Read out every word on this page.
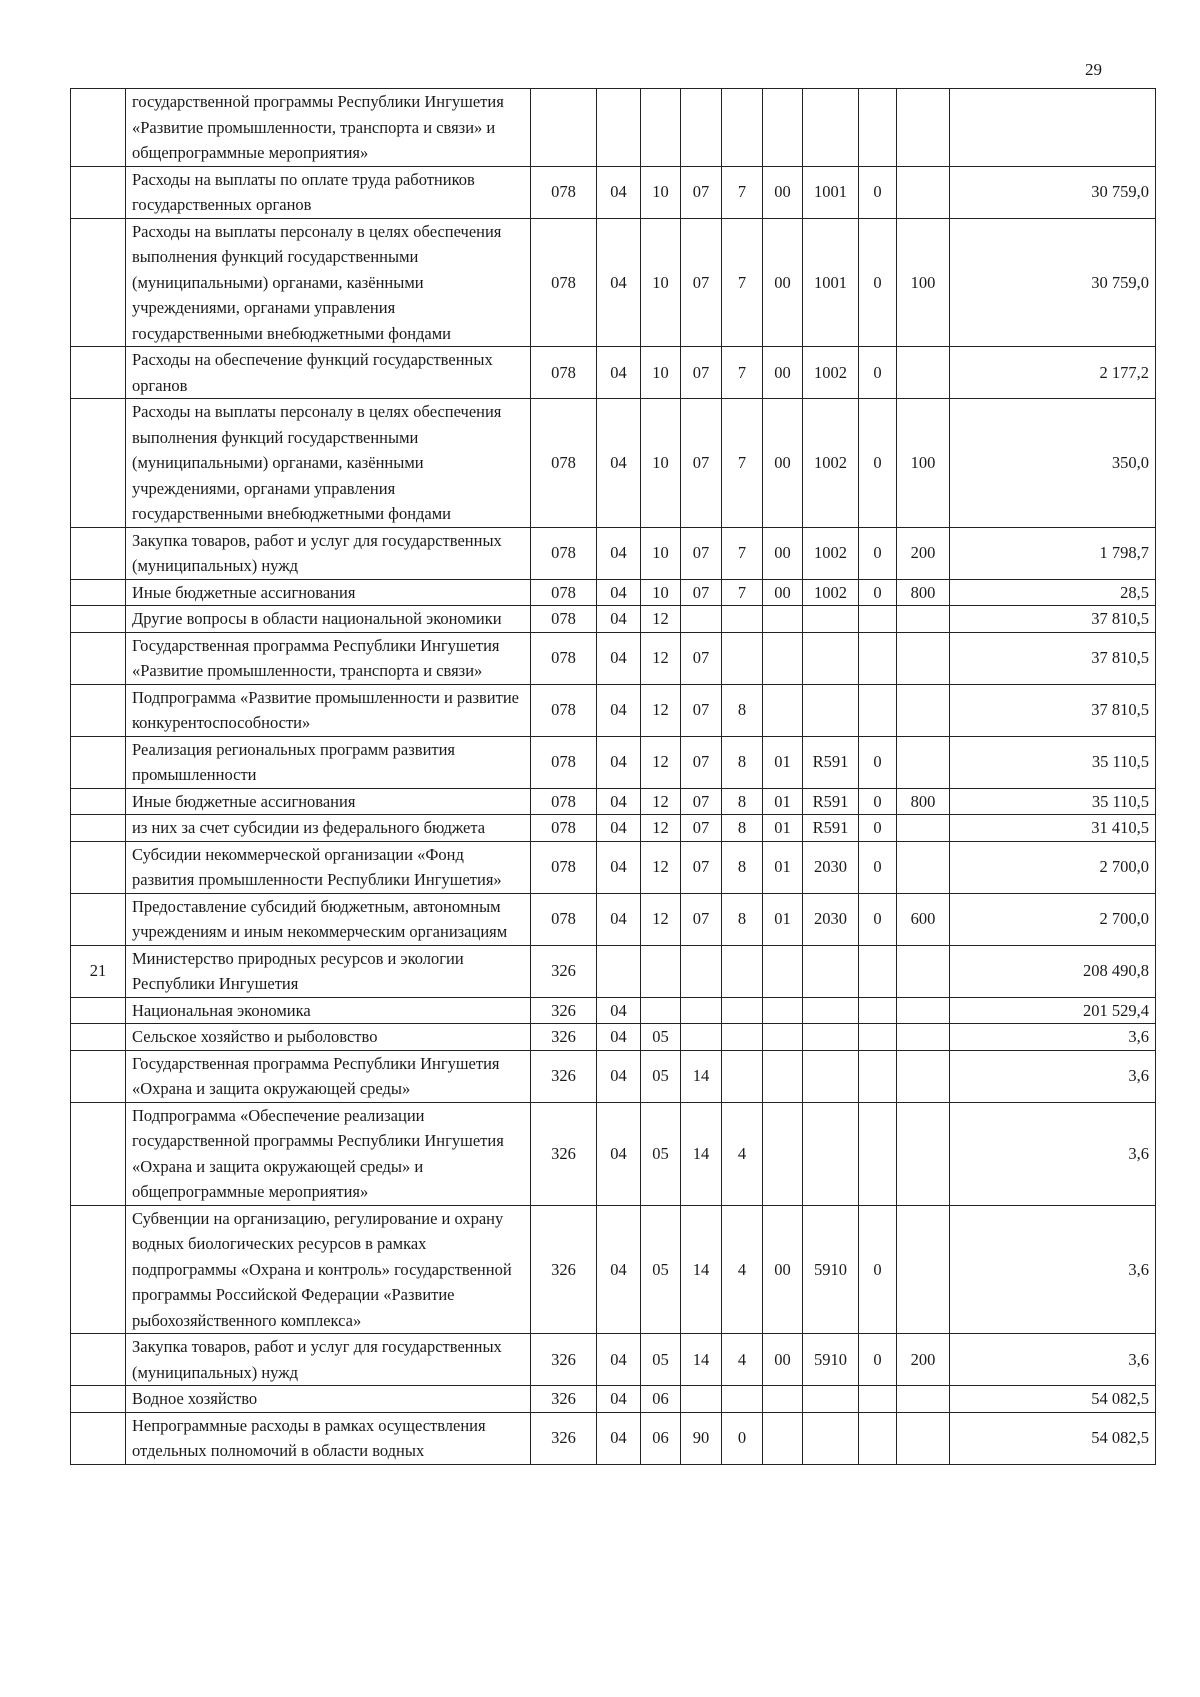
29
	государственной программы Республики Ингушетия «Развитие промышленности, транспорта и связи» и общепрограммные мероприятия»										
	Расходы на выплаты по оплате труда работников государственных органов	078	04	10	07	7	00	1001	0		30 759,0
	Расходы на выплаты персоналу в целях обеспечения выполнения функций государственными (муниципальными) органами, казёнными учреждениями, органами управления государственными внебюджетными фондами	078	04	10	07	7	00	1001	0	100	30 759,0
	Расходы на обеспечение функций государственных органов	078	04	10	07	7	00	1002	0		2 177,2
	Расходы на выплаты персоналу в целях обеспечения выполнения функций государственными (муниципальными) органами, казёнными учреждениями, органами управления государственными внебюджетными фондами	078	04	10	07	7	00	1002	0	100	350,0
	Закупка товаров, работ и услуг для государственных (муниципальных) нужд	078	04	10	07	7	00	1002	0	200	1 798,7
	Иные бюджетные ассигнования	078	04	10	07	7	00	1002	0	800	28,5
	Другие вопросы в области национальной экономики	078	04	12							37 810,5
	Государственная программа Республики Ингушетия «Развитие промышленности, транспорта и связи»	078	04	12	07						37 810,5
	Подпрограмма «Развитие промышленности и развитие конкурентоспособности»	078	04	12	07	8					37 810,5
	Реализация региональных программ развития промышленности	078	04	12	07	8	01	R591	0		35 110,5
	Иные бюджетные ассигнования	078	04	12	07	8	01	R591	0	800	35 110,5
	из них за счет субсидии из федерального бюджета	078	04	12	07	8	01	R591	0		31 410,5
	Субсидии некоммерческой организации «Фонд развития промышленности Республики Ингушетия»	078	04	12	07	8	01	2030	0		2 700,0
	Предоставление субсидий бюджетным, автономным учреждениям и иным некоммерческим организациям	078	04	12	07	8	01	2030	0	600	2 700,0
21	Министерство природных ресурсов и экологии Республики Ингушетия	326									208 490,8
	Национальная экономика	326	04								201 529,4
	Сельское хозяйство и рыболовство	326	04	05							3,6
	Государственная программа Республики Ингушетия «Охрана и защита окружающей среды»	326	04	05	14						3,6
	Подпрограмма «Обеспечение реализации государственной программы Республики Ингушетия «Охрана и защита окружающей среды» и общепрограммные мероприятия»	326	04	05	14	4					3,6
	Субвенции на организацию, регулирование и охрану водных биологических ресурсов в рамках подпрограммы «Охрана и контроль» государственной программы Российской Федерации «Развитие рыбохозяйственного комплекса»	326	04	05	14	4	00	5910	0		3,6
	Закупка товаров, работ и услуг для государственных (муниципальных) нужд	326	04	05	14	4	00	5910	0	200	3,6
	Водное хозяйство	326	04	06							54 082,5
	Непрограммные расходы в рамках осуществления отдельных полномочий в области водных	326	04	06	90	0					54 082,5
